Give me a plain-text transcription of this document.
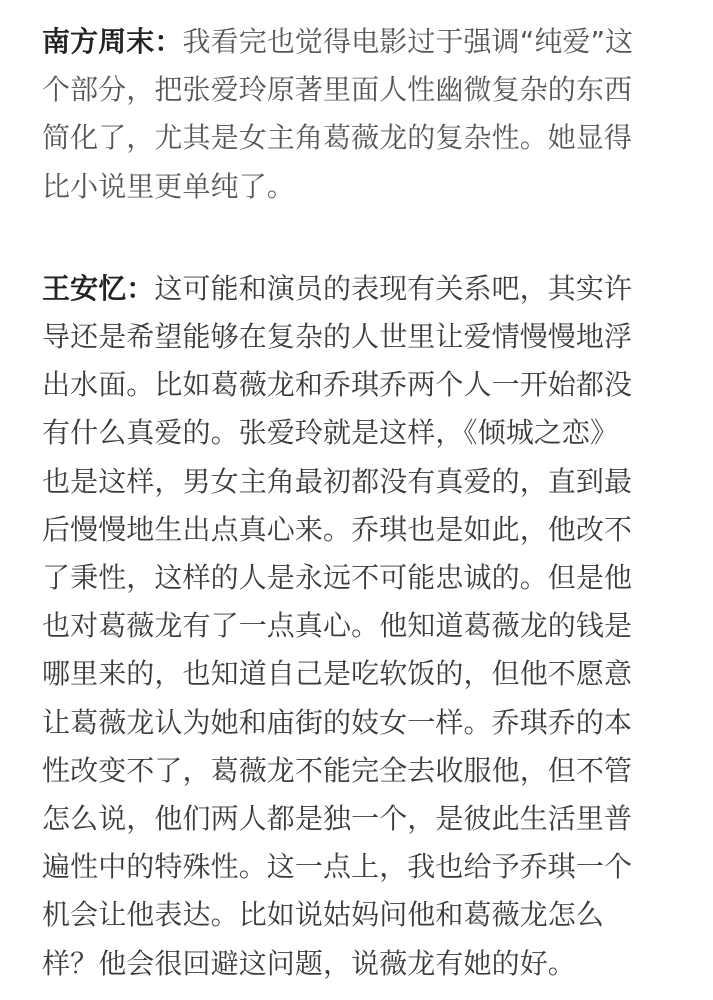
南方周末：我看完也觉得电影过于强调“纯爱”这
个部分，把张爱玲原著里面人性幽微复杂的东西
简化了，尤其是女主角葛薇龙的复杂性。她显得
比小说里更单纯了。

王安忆：这可能和演员的表现有关系吧，其实许
导还是希望能够在复杂的人世里让爱情慢慢地浮
出水面。比如葛薇龙和乔琪乔两个人一开始都没
有什么真爱的。张爱玲就是这样，《倾城之恋》
也是这样，男女主角最初都没有真爱的，直到最
后慢慢地生出点真心来。乔琪也是如此，他改不
了秉性，这样的人是永远不可能忠诚的。但是他
也对葛薇龙有了一点真心。他知道葛薇龙的钱是
哪里来的，也知道自己是吃软饭的，但他不愿意
让葛薇龙认为她和庙街的妓女一样。乔琪乔的本
性改变不了，葛薇龙不能完全去收服他，但不管
怎么说，他们两人都是独一个，是彼此生活里普
遍性中的特殊性。这一点上，我也给予乔琪一个
机会让他表达。比如说姑妈问他和葛薇龙怎么
样？他会很回避这问题，说薇龙有她的好。
